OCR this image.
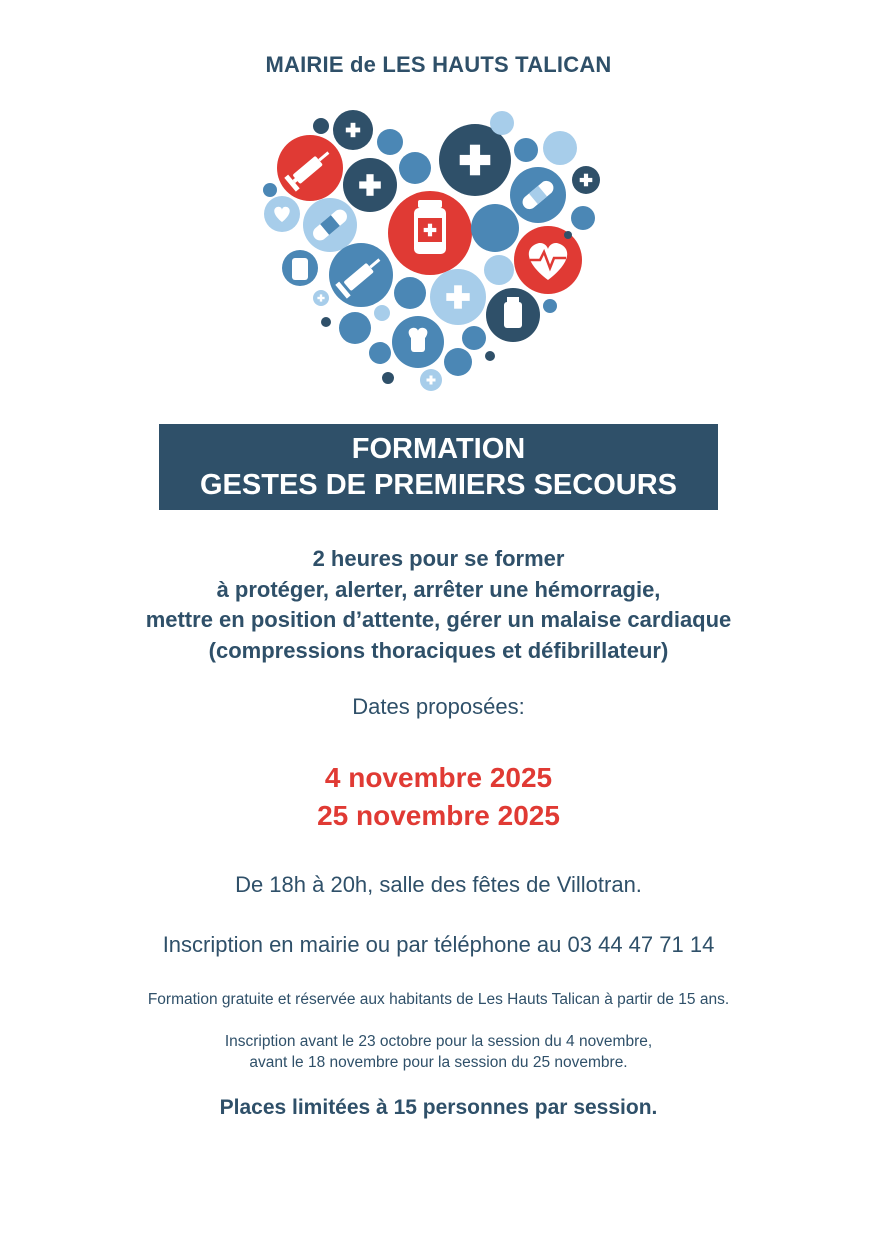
MAIRIE de LES HAUTS TALICAN
FORMATION
GESTES DE PREMIERS SECOURS
2 heures pour se former
à protéger, alerter, arrêter une hémorragie,
mettre en position d’attente, gérer un malaise cardiaque
(compressions thoraciques et défibrillateur)
Dates proposées:
4 novembre 2025
25 novembre 2025
De 18h à 20h, salle des fêtes de Villotran.
Inscription en mairie ou par téléphone au 03 44 47 71 14
Formation gratuite et réservée aux habitants de Les Hauts Talican à partir de 15 ans.
Inscription avant le 23 octobre pour la session du 4 novembre,
avant le 18 novembre pour la session du 25 novembre.
Places limitées à 15 personnes par session.
